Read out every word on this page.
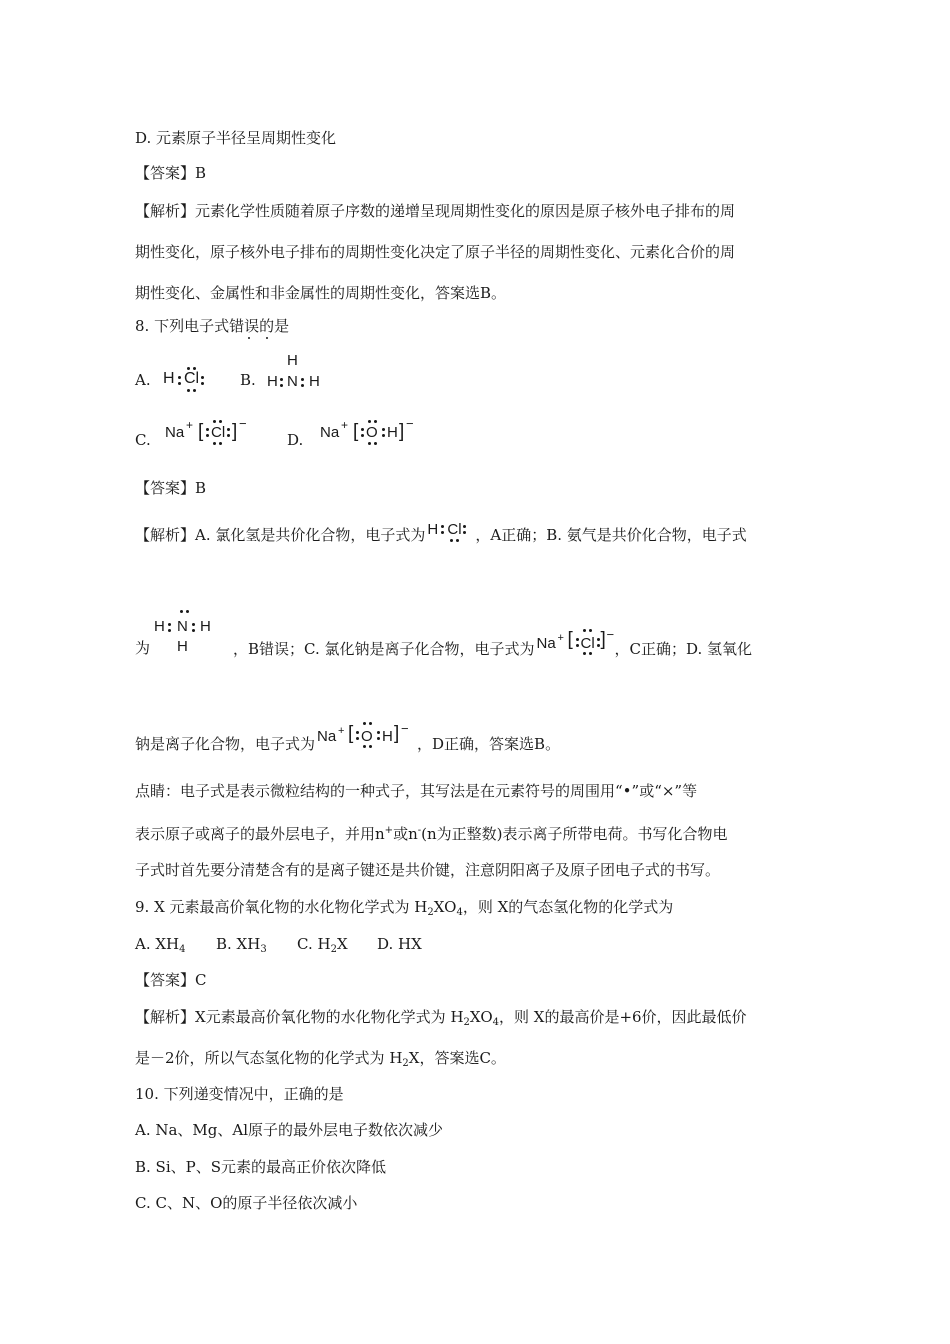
D. 元素原子半径呈周期性变化
【答案】B
【解析】元素化学性质随着原子序数的递增呈现周期性变化的原因是原子核外电子排布的周
期性变化，原子核外电子排布的周期性变化决定了原子半径的周期性变化、元素化合价的周
期性变化、金属性和非金属性的周期性变化，答案选B。
8. 下列电子式错误的是
A. H Cl	B.
H
H N H
C. Na + [ Cl ] −
D. Na + [ O H ] −
【答案】B
【解析】A. 氯化氢是共价化合物，电子式为 H Cl ，A正确；B. 氨气是共价化合物，电子式
H N H
H
为	，B错误；C. 氯化钠是离子化合物，电子式为 Na + [ Cl ] −
，C正确；D. 氢氧化
钠是离子化合物，电子式为 Na + [ O H ] −
，D正确，答案选B。
点睛：电子式是表示微粒结构的一种式子，其写法是在元素符号的周围用“•”或“×”等
表示原子或离子的最外层电子，并用n+或n-(n为正整数)表示离子所带电荷。书写化合物电
子式时首先要分清楚含有的是离子键还是共价键，注意阴阳离子及原子团电子式的书写。
9. X 元素最高价氧化物的水化物化学式为 $H_2XO_4$，则 X的气态氢化物的化学式为
A. $XH_4$ B. $XH_3$ C. $H_2X$ D. HX
【答案】C
【解析】X元素最高价氧化物的水化物化学式为 $H_2XO_4$，则 X的最高价是+6价，因此最低价
是－2价，所以气态氢化物的化学式为 $H_2X$，答案选C。
10. 下列递变情况中，正确的是
A. Na、Mg、Al原子的最外层电子数依次减少
B. Si、P、S元素的最高正价依次降低
C. C、N、O的原子半径依次减小
